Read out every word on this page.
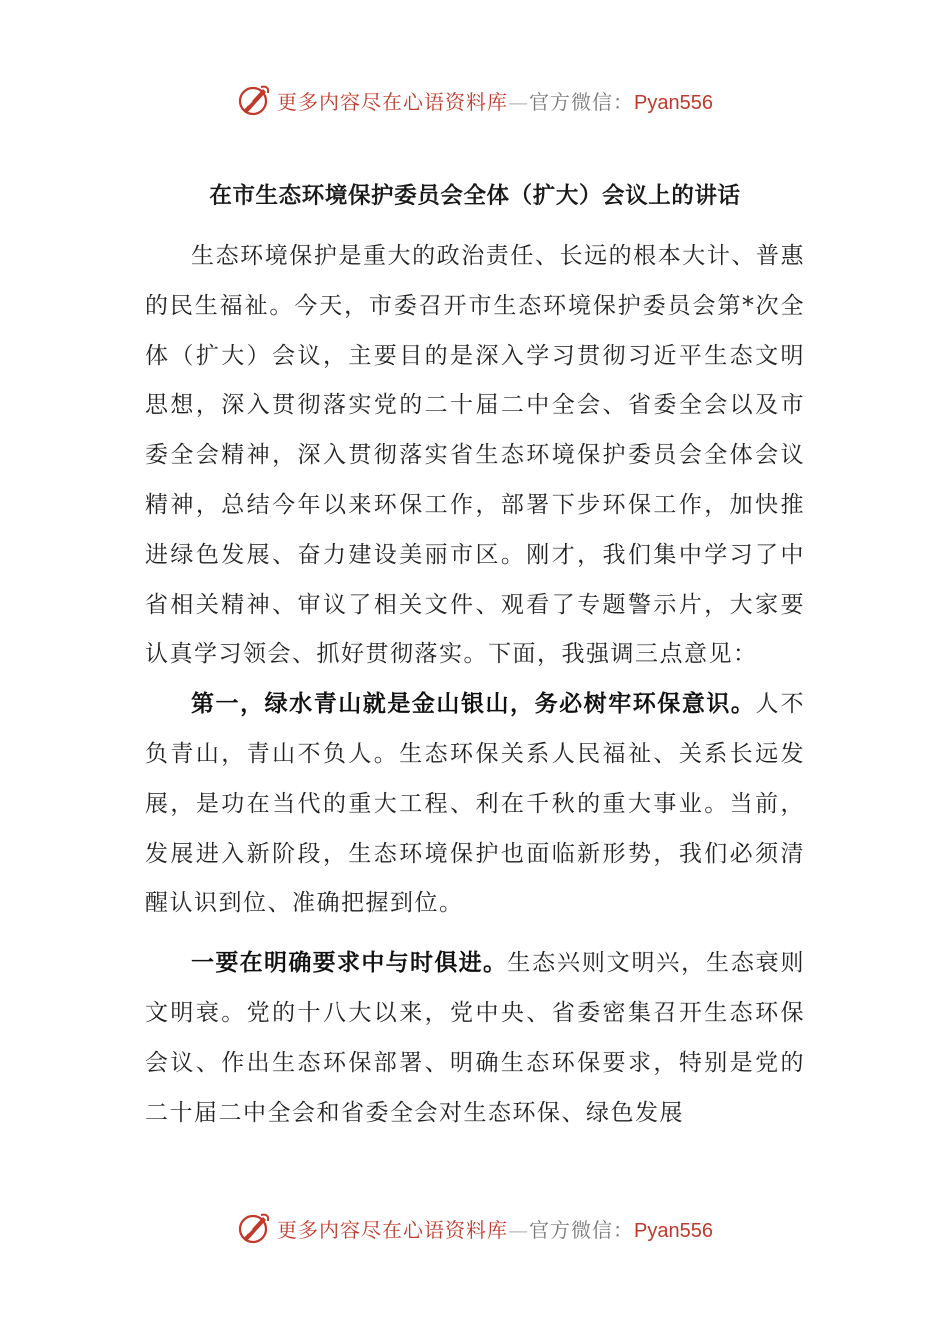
更多内容尽在心语资料库—官方微信：Pyan556
在市生态环境保护委员会全体（扩大）会议上的讲话

生态环境保护是重大的政治责任、长远的根本大计、普惠的民生福祉。今天，市委召开市生态环境保护委员会第*次全体（扩大）会议，主要目的是深入学习贯彻习近平生态文明思想，深入贯彻落实党的二十届二中全会、省委全会以及市委全会精神，深入贯彻落实省生态环境保护委员会全体会议精神，总结今年以来环保工作，部署下步环保工作，加快推进绿色发展、奋力建设美丽市区。刚才，我们集中学习了中省相关精神、审议了相关文件、观看了专题警示片，大家要认真学习领会、抓好贯彻落实。下面，我强调三点意见：

第一，绿水青山就是金山银山，务必树牢环保意识。人不负青山，青山不负人。生态环保关系人民福祉、关系长远发展，是功在当代的重大工程、利在千秋的重大事业。当前，发展进入新阶段，生态环境保护也面临新形势，我们必须清醒认识到位、准确把握到位。

一要在明确要求中与时俱进。生态兴则文明兴，生态衰则文明衰。党的十八大以来，党中央、省委密集召开生态环保会议、作出生态环保部署、明确生态环保要求，特别是党的二十届二中全会和省委全会对生态环保、绿色发展

更多内容尽在心语资料库—官方微信：Pyan556
